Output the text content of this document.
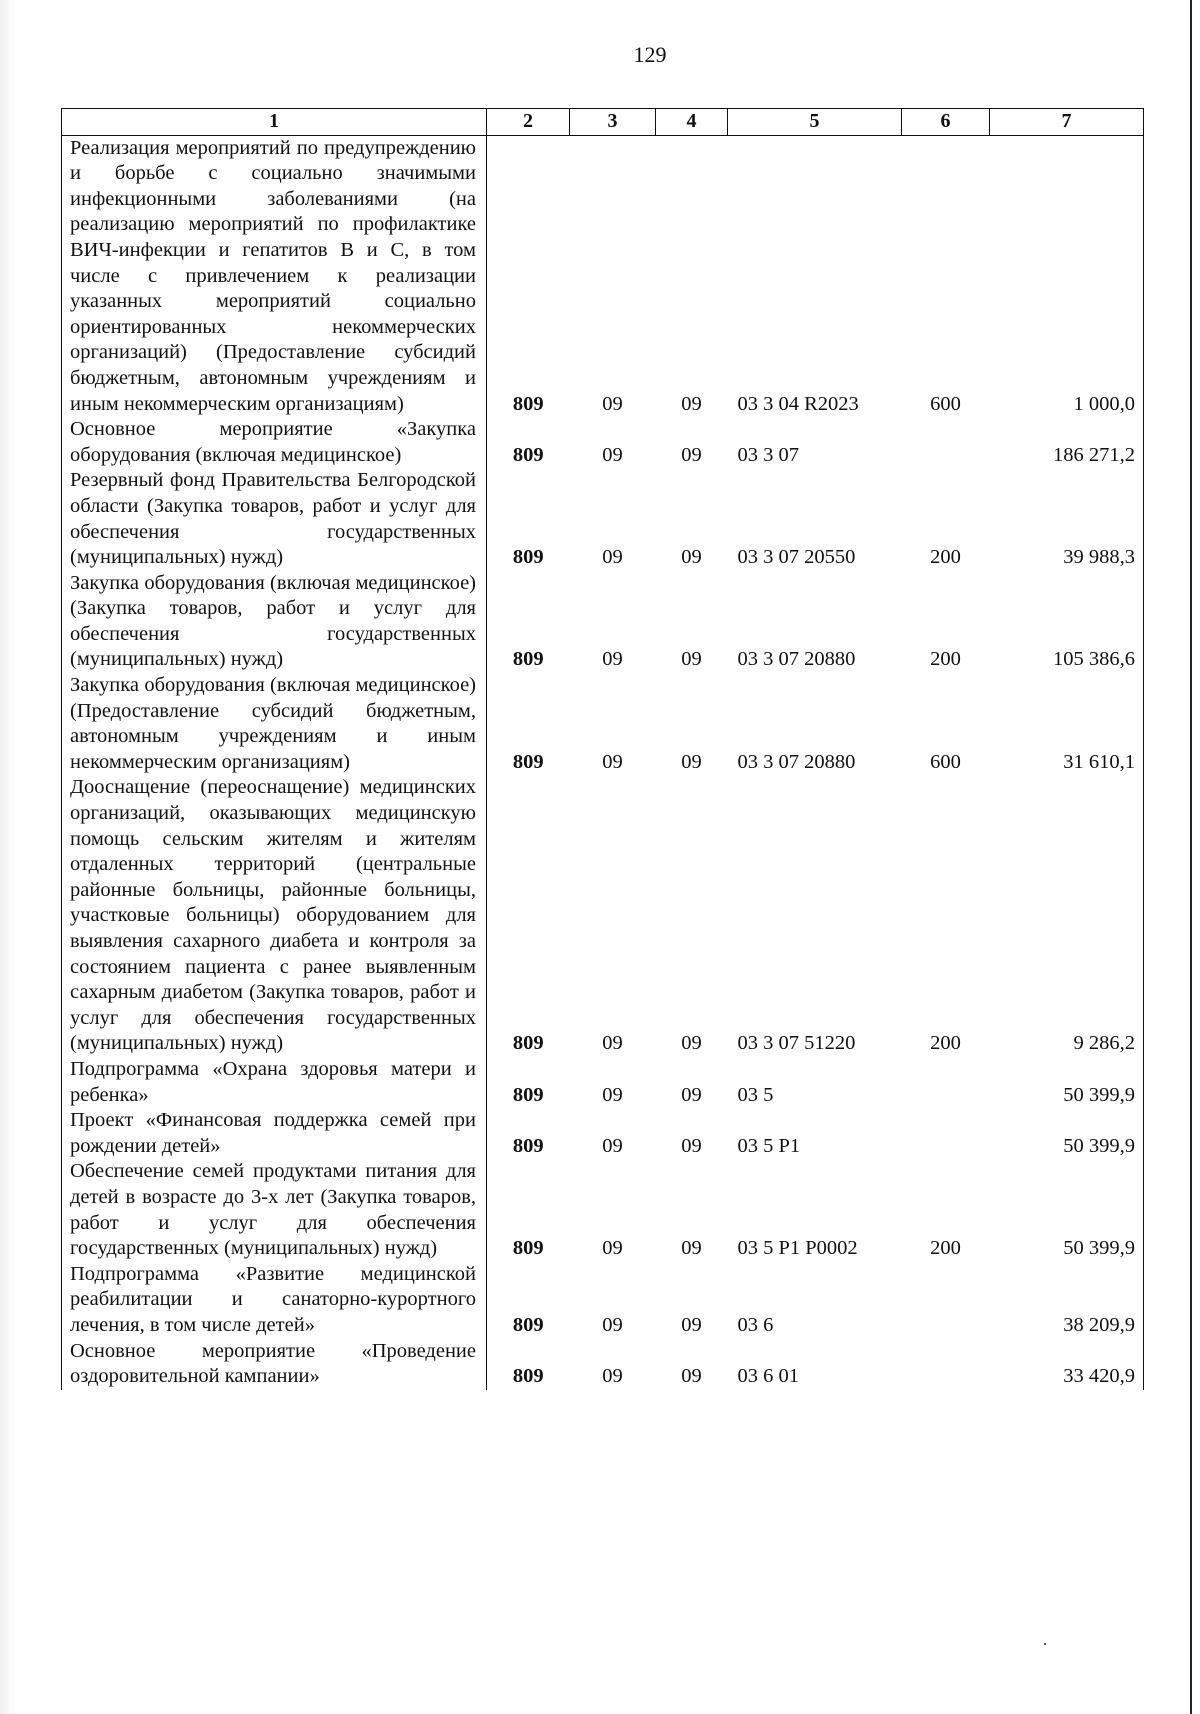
129
1	2	3	4	5	6	7
Реализация мероприятий по предупреждению и борьбе с социально значимыми инфекционными заболеваниями (на реализацию мероприятий по профилактике ВИЧ-инфекции и гепатитов В и С, в том числе с привлечением к реализации указанных мероприятий социально ориентированных некоммерческих организаций) (Предоставление субсидий бюджетным, автономным учреждениям и иным некоммерческим организациям)	809	09	09	03 3 04 R2023	600	1 000,0
Основное мероприятие «Закупка оборудования (включая медицинское)	809	09	09	03 3 07		186 271,2
Резервный фонд Правительства Белгородской области (Закупка товаров, работ и услуг для обеспечения государственных (муниципальных) нужд)	809	09	09	03 3 07 20550	200	39 988,3
Закупка оборудования (включая медицинское) (Закупка товаров, работ и услуг для обеспечения государственных (муниципальных) нужд)	809	09	09	03 3 07 20880	200	105 386,6
Закупка оборудования (включая медицинское) (Предоставление субсидий бюджетным, автономным учреждениям и иным некоммерческим организациям)	809	09	09	03 3 07 20880	600	31 610,1
Дооснащение (переоснащение) медицинских организаций, оказывающих медицинскую помощь сельским жителям и жителям отдаленных территорий (центральные районные больницы, районные больницы, участковые больницы) оборудованием для выявления сахарного диабета и контроля за состоянием пациента с ранее выявленным сахарным диабетом (Закупка товаров, работ и услуг для обеспечения государственных (муниципальных) нужд)	809	09	09	03 3 07 51220	200	9 286,2
Подпрограмма «Охрана здоровья матери и ребенка»	809	09	09	03 5		50 399,9
Проект «Финансовая поддержка семей при рождении детей»	809	09	09	03 5 P1		50 399,9
Обеспечение семей продуктами питания для детей в возрасте до 3-х лет (Закупка товаров, работ и услуг для обеспечения государственных (муниципальных) нужд)	809	09	09	03 5 P1 P0002	200	50 399,9
Подпрограмма «Развитие медицинской реабилитации и санаторно-курортного лечения, в том числе детей»	809	09	09	03 6		38 209,9
Основное мероприятие «Проведение оздоровительной кампании»	809	09	09	03 6 01		33 420,9
